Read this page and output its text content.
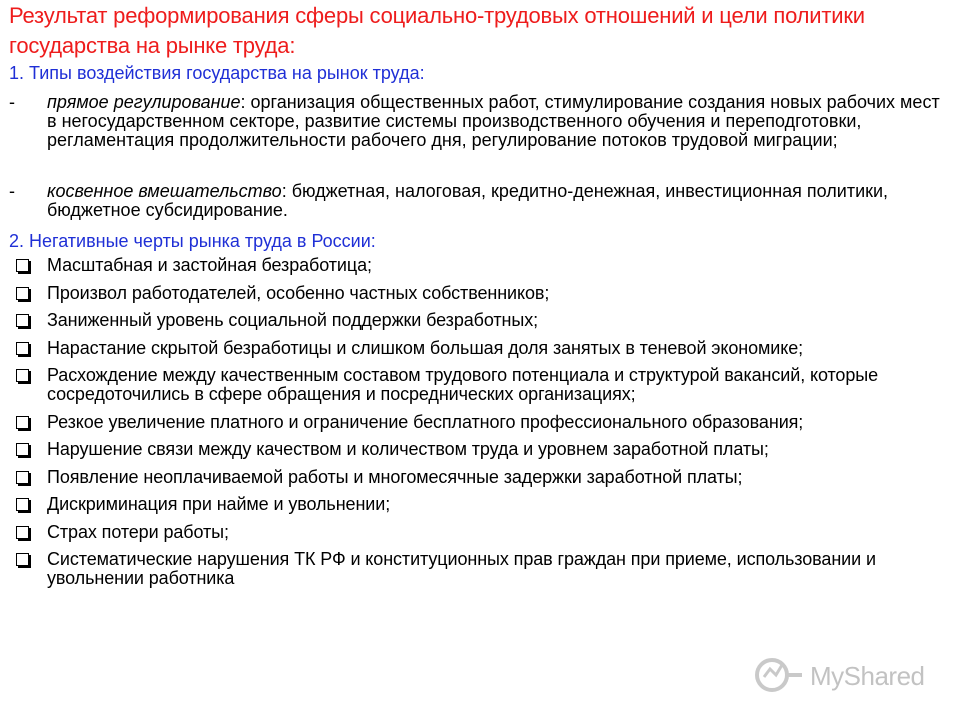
Результат реформирования сферы социально-трудовых отношений и цели политики государства на рынке труда:

1. Типы воздействия государства на рынок труда:

-	прямое регулирование: организация общественных работ, стимулирование создания новых рабочих мест в негосударственном секторе, развитие системы производственного обучения и переподготовки, регламентация продолжительности рабочего дня, регулирование потоков трудовой миграции;
-	косвенное вмешательство: бюджетная, налоговая, кредитно-денежная, инвестиционная политики, бюджетное субсидирование.

2. Негативные черты рынка труда в России:

Масштабная и застойная безработица;
Произвол работодателей, особенно частных собственников;
Заниженный уровень социальной поддержки безработных;
Нарастание скрытой безработицы и слишком большая доля занятых в теневой экономике;
Расхождение между качественным составом трудового потенциала и структурой вакансий, которые сосредоточились в сфере обращения и посреднических организациях;
Резкое увеличение платного и ограничение бесплатного профессионального образования;
Нарушение связи между качеством и количеством труда и уровнем заработной платы;
Появление неоплачиваемой работы и многомесячные задержки заработной платы;
Дискриминация при найме и увольнении;
Страх потери работы;
Систематические нарушения ТК РФ и конституционных прав граждан при приеме, использовании и увольнении работника
MyShared
